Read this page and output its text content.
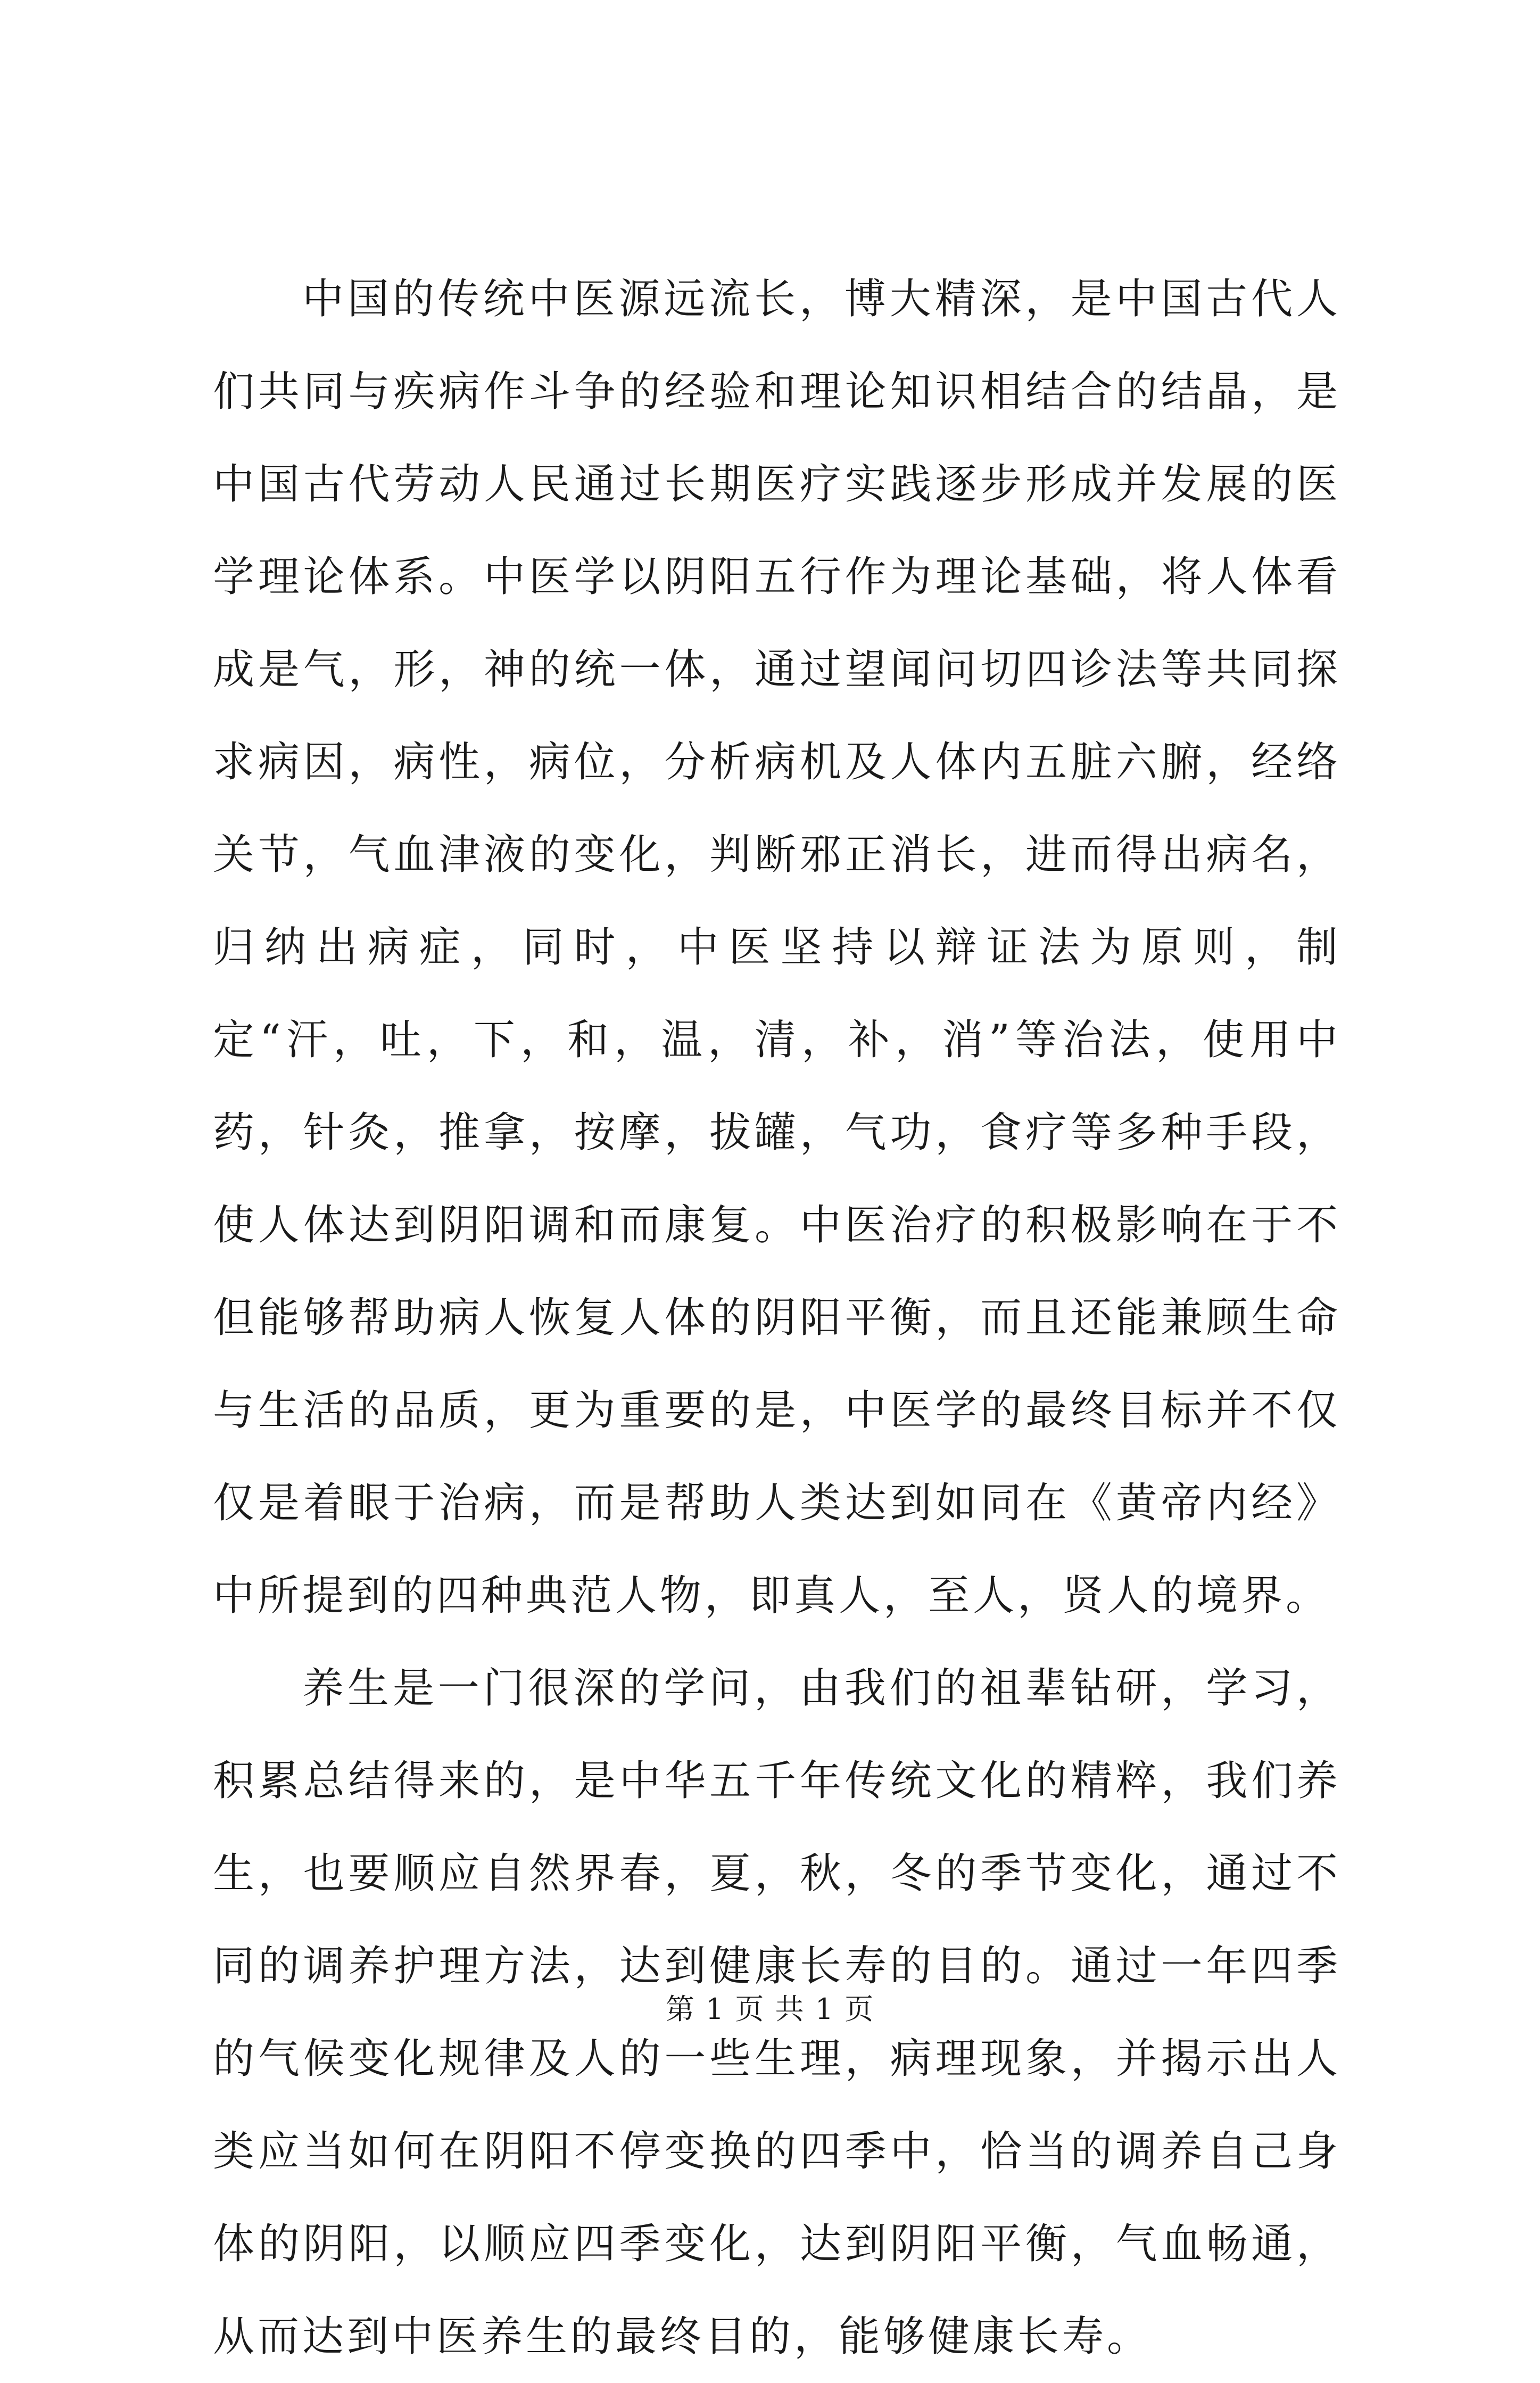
中国的传统中医源远流长，博大精深，是中国古代人们共同与疾病作斗争的经验和理论知识相结合的结晶，是中国古代劳动人民通过长期医疗实践逐步形成并发展的医学理论体系。中医学以阴阳五行作为理论基础，将人体看成是气，形，神的统一体，通过望闻问切四诊法等共同探求病因，病性，病位，分析病机及人体内五脏六腑，经络关节，气血津液的变化，判断邪正消长，进而得出病名，归纳出病症，同时，中医坚持以辩证法为原则，制定“汗，吐，下，和，温，清，补，消”等治法，使用中药，针灸，推拿，按摩，拔罐，气功，食疗等多种手段，使人体达到阴阳调和而康复。中医治疗的积极影响在于不但能够帮助病人恢复人体的阴阳平衡，而且还能兼顾生命与生活的品质，更为重要的是，中医学的最终目标并不仅仅是着眼于治病，而是帮助人类达到如同在《黄帝内经》中所提到的四种典范人物，即真人，至人，贤人的境界。

养生是一门很深的学问，由我们的祖辈钻研，学习，积累总结得来的，是中华五千年传统文化的精粹，我们养生，也要顺应自然界春，夏，秋，冬的季节变化，通过不同的调养护理方法，达到健康长寿的目的。通过一年四季的气候变化规律及人的一些生理，病理现象，并揭示出人类应当如何在阴阳不停变换的四季中，恰当的调养自己身体的阴阳，以顺应四季变化，达到阴阳平衡，气血畅通，从而达到中医养生的最终目的，能够健康长寿。

第 1 页 共 1 页
